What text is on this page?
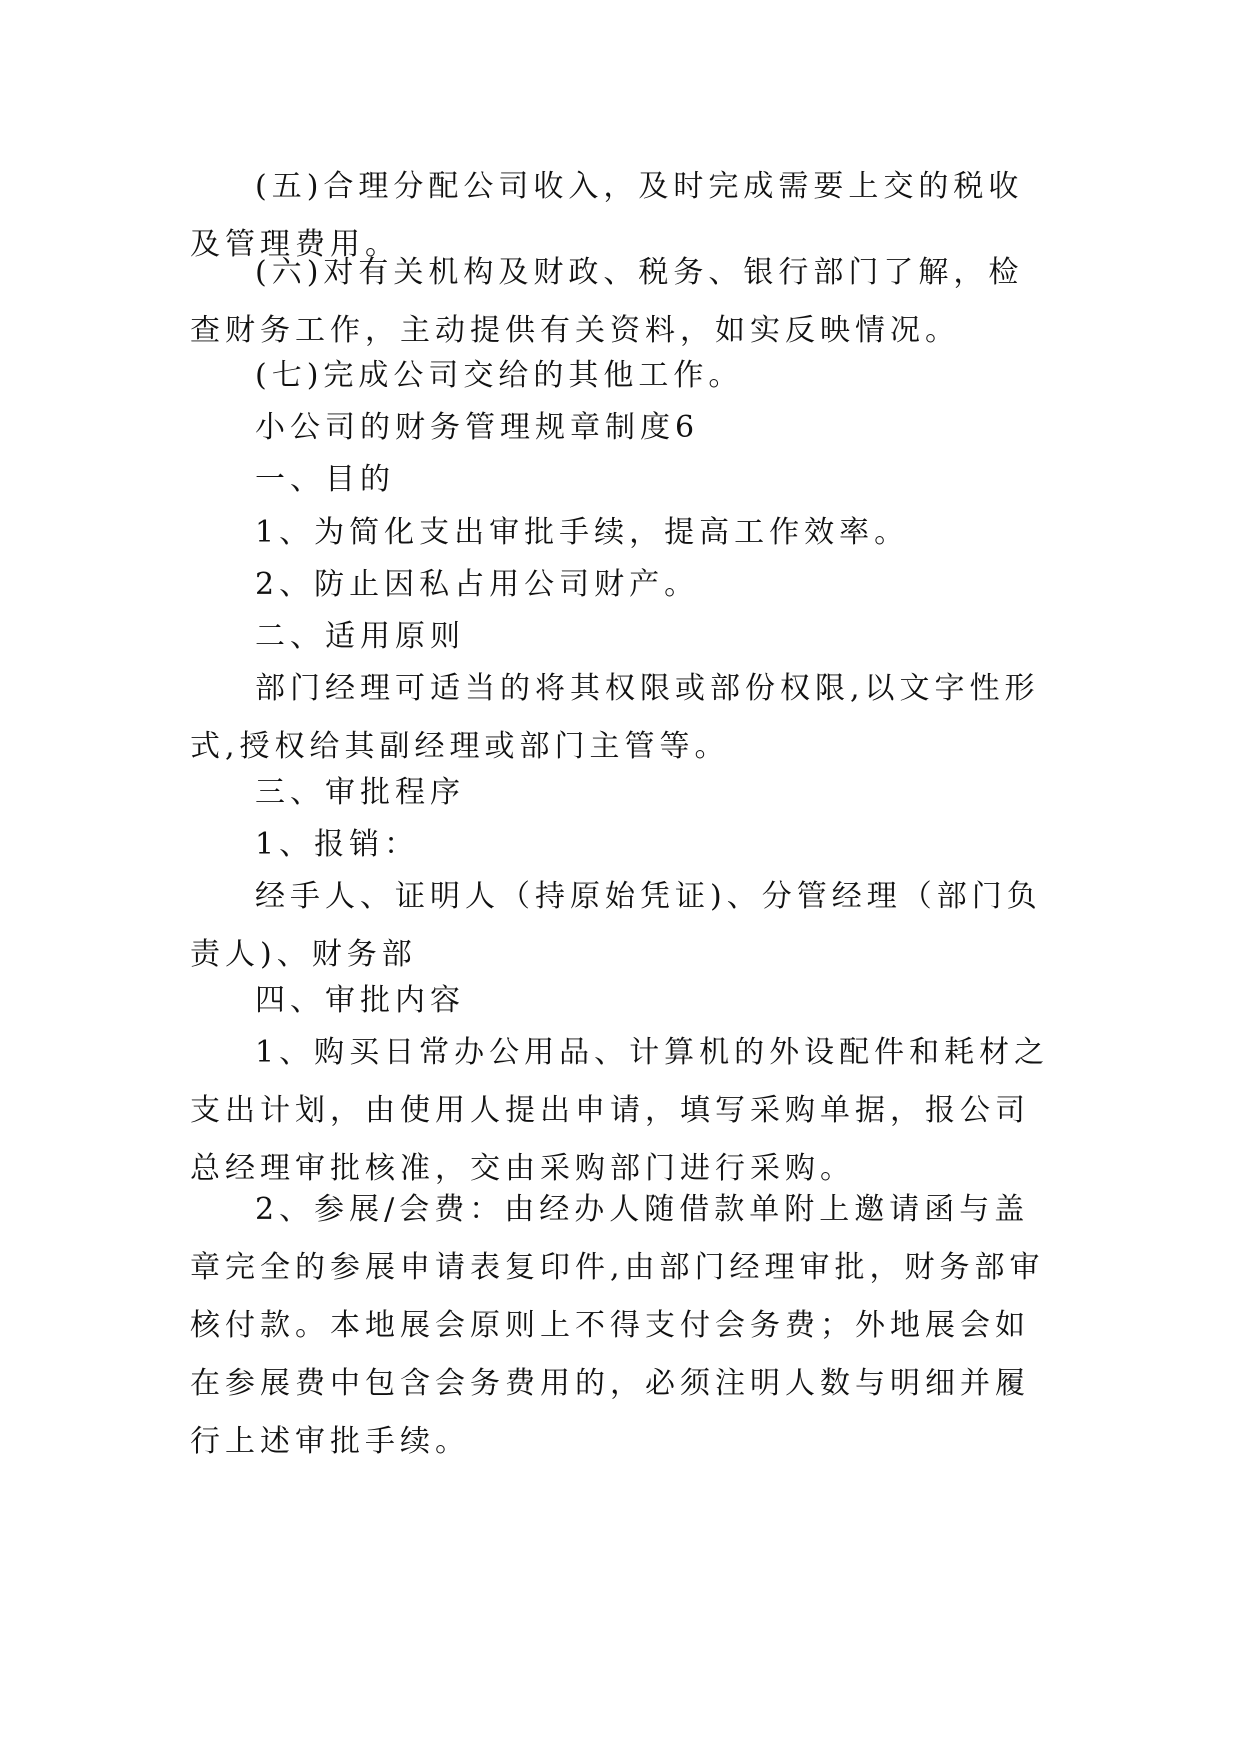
(五)合理分配公司收入，及时完成需要上交的税收及管理费用。

(六)对有关机构及财政、税务、银行部门了解，检查财务工作，主动提供有关资料，如实反映情况。

(七)完成公司交给的其他工作。

小公司的财务管理规章制度6

一、目的

1、为简化支出审批手续，提高工作效率。

2、防止因私占用公司财产。

二、适用原则

部门经理可适当的将其权限或部份权限,以文字性形式,授权给其副经理或部门主管等。

三、审批程序

1、报销：

经手人、证明人（持原始凭证)、分管经理（部门负责人)、财务部

四、审批内容

1、购买日常办公用品、计算机的外设配件和耗材之支出计划，由使用人提出申请，填写采购单据，报公司总经理审批核准，交由采购部门进行采购。

2、参展/会费：由经办人随借款单附上邀请函与盖章完全的参展申请表复印件,由部门经理审批，财务部审核付款。本地展会原则上不得支付会务费；外地展会如在参展费中包含会务费用的，必须注明人数与明细并履行上述审批手续。
